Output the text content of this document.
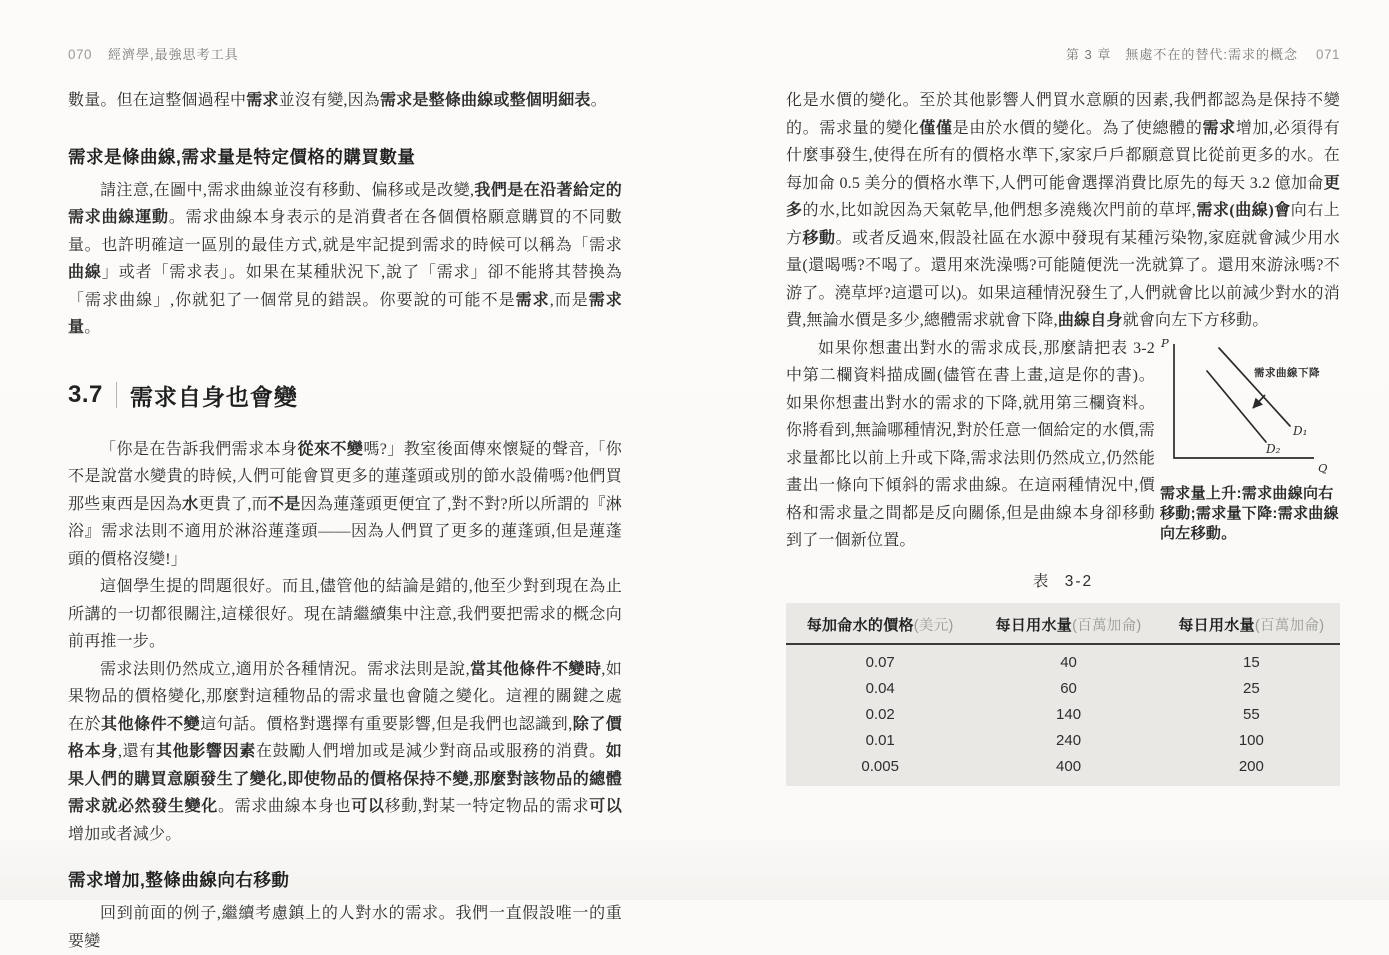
070 經濟學,最強思考工具

數量。但在這整個過程中需求並沒有變,因為需求是整條曲線或整個明細表。

需求是條曲線,需求量是特定價格的購買數量

請注意,在圖中,需求曲線並沒有移動、偏移或是改變,我們是在沿著給定的需求曲線運動。需求曲線本身表示的是消費者在各個價格願意購買的不同數量。也許明確這一區別的最佳方式,就是牢記提到需求的時候可以稱為「需求曲線」或者「需求表」。如果在某種狀況下,說了「需求」卻不能將其替換為「需求曲線」,你就犯了一個常見的錯誤。你要說的可能不是需求,而是需求量。

3.7 需求自身也會變

「你是在告訴我們需求本身從來不變嗎?」教室後面傳來懷疑的聲音,「你不是說當水變貴的時候,人們可能會買更多的蓮蓬頭或別的節水設備嗎?他們買那些東西是因為水更貴了,而不是因為蓮蓬頭更便宜了,對不對?所以所謂的『淋浴』需求法則不適用於淋浴蓮蓬頭——因為人們買了更多的蓮蓬頭,但是蓮蓬頭的價格沒變!」

這個學生提的問題很好。而且,儘管他的結論是錯的,他至少對到現在為止所講的一切都很關注,這樣很好。現在請繼續集中注意,我們要把需求的概念向前再推一步。

需求法則仍然成立,適用於各種情況。需求法則是說,當其他條件不變時,如果物品的價格變化,那麼對這種物品的需求量也會隨之變化。這裡的關鍵之處在於其他條件不變這句話。價格對選擇有重要影響,但是我們也認識到,除了價格本身,還有其他影響因素在鼓勵人們增加或是減少對商品或服務的消費。如果人們的購買意願發生了變化,即使物品的價格保持不變,那麼對該物品的總體需求就必然發生變化。需求曲線本身也可以移動,對某一特定物品的需求可以增加或者減少。

需求增加,整條曲線向右移動

回到前面的例子,繼續考慮鎮上的人對水的需求。我們一直假設唯一的重要變

第 3 章　無處不在的替代:需求的概念 071

化是水價的變化。至於其他影響人們買水意願的因素,我們都認為是保持不變的。需求量的變化僅僅是由於水價的變化。為了使總體的需求增加,必須得有什麼事發生,使得在所有的價格水準下,家家戶戶都願意買比從前更多的水。在每加侖 0.5 美分的價格水準下,人們可能會選擇消費比原先的每天 3.2 億加侖更多的水,比如說因為天氣乾旱,他們想多澆幾次門前的草坪,需求(曲線)會向右上方移動。或者反過來,假設社區在水源中發現有某種污染物,家庭就會減少用水量(還喝嗎?不喝了。還用來洗澡嗎?可能隨便洗一洗就算了。還用來游泳嗎?不游了。澆草坪?這還可以)。如果這種情況發生了,人們就會比以前減少對水的消費,無論水價是多少,總體需求就會下降,曲線自身就會向左下方移動。

如果你想畫出對水的需求成長,那麼請把表 3-2 中第二欄資料描成圖(儘管在書上畫,這是你的書)。如果你想畫出對水的需求的下降,就用第三欄資料。你將看到,無論哪種情況,對於任意一個給定的水價,需求量都比以前上升或下降,需求法則仍然成立,仍然能畫出一條向下傾斜的需求曲線。在這兩種情況中,價格和需求量之間都是反向關係,但是曲線本身卻移動到了一個新位置。

P
Q
D₁
D₂
需求曲線下降

需求量上升:需求曲線向右移動;需求量下降:需求曲線向左移動。

表 3-2
每加侖水的價格(美元)	每日用水量(百萬加侖)	每日用水量(百萬加侖)
0.07	40	15
0.04	60	25
0.02	140	55
0.01	240	100
0.005	400	200
